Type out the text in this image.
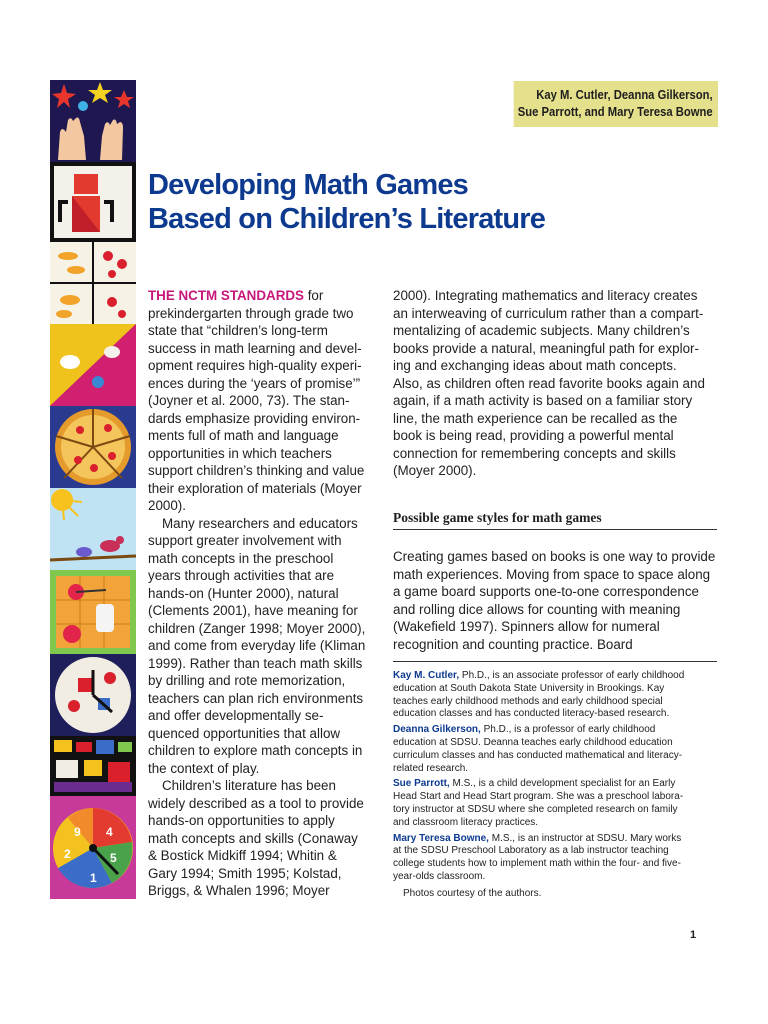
9 4
2	5
1
Kay M. Cutler, Deanna Gilkerson,
Sue Parrott, and Mary Teresa Bowne
Developing Math Games
Based on Children’s Literature

THE NCTM STANDARDS for
prekindergarten through grade two
state that “children’s long-term
success in math learning and devel-
opment requires high-quality experi-
ences during the ‘years of promise’”
(Joyner et al. 2000, 73). The stan-
dards emphasize providing environ-
ments full of math and language
opportunities in which teachers
support children’s thinking and value
their exploration of materials (Moyer
2000).

Many researchers and educators
support greater involvement with
math concepts in the preschool
years through activities that are
hands-on (Hunter 2000), natural
(Clements 2001), have meaning for
children (Zanger 1998; Moyer 2000),
and come from everyday life (Kliman
1999). Rather than teach math skills
by drilling and rote memorization,
teachers can plan rich environments
and offer developmentally se-
quenced opportunities that allow
children to explore math concepts in
the context of play.

Children’s literature has been
widely described as a tool to provide
hands-on opportunities to apply
math concepts and skills (Conaway
& Bostick Midkiff 1994; Whitin &
Gary 1994; Smith 1995; Kolstad,
Briggs, & Whalen 1996; Moyer

2000). Integrating mathematics and literacy creates
an interweaving of curriculum rather than a compart-
mentalizing of academic subjects. Many children’s
books provide a natural, meaningful path for explor-
ing and exchanging ideas about math concepts.
Also, as children often read favorite books again and
again, if a math activity is based on a familiar story
line, the math experience can be recalled as the
book is being read, providing a powerful mental
connection for remembering concepts and skills
(Moyer 2000).

Possible game styles for math games

Creating games based on books is one way to provide math experiences. Moving from space to space along a game board supports one-to-one correspondence and rolling dice allows for counting with meaning (Wakefield 1997). Spinners allow for numeral recognition and counting practice. Board

Kay M. Cutler, Ph.D., is an associate professor of early childhood
education at South Dakota State University in Brookings. Kay
teaches early childhood methods and early childhood special
education classes and has conducted literacy-based research.
Deanna Gilkerson, Ph.D., is a professor of early childhood
education at SDSU. Deanna teaches early childhood education
curriculum classes and has conducted mathematical and literacy-
related research.
Sue Parrott, M.S., is a child development specialist for an Early
Head Start and Head Start program. She was a preschool labora-
tory instructor at SDSU where she completed research on family
and classroom literacy practices.
Mary Teresa Bowne, M.S., is an instructor at SDSU. Mary works
at the SDSU Preschool Laboratory as a lab instructor teaching
college students how to implement math within the four- and five-
year-olds classroom.
Photos courtesy of the authors.
1
